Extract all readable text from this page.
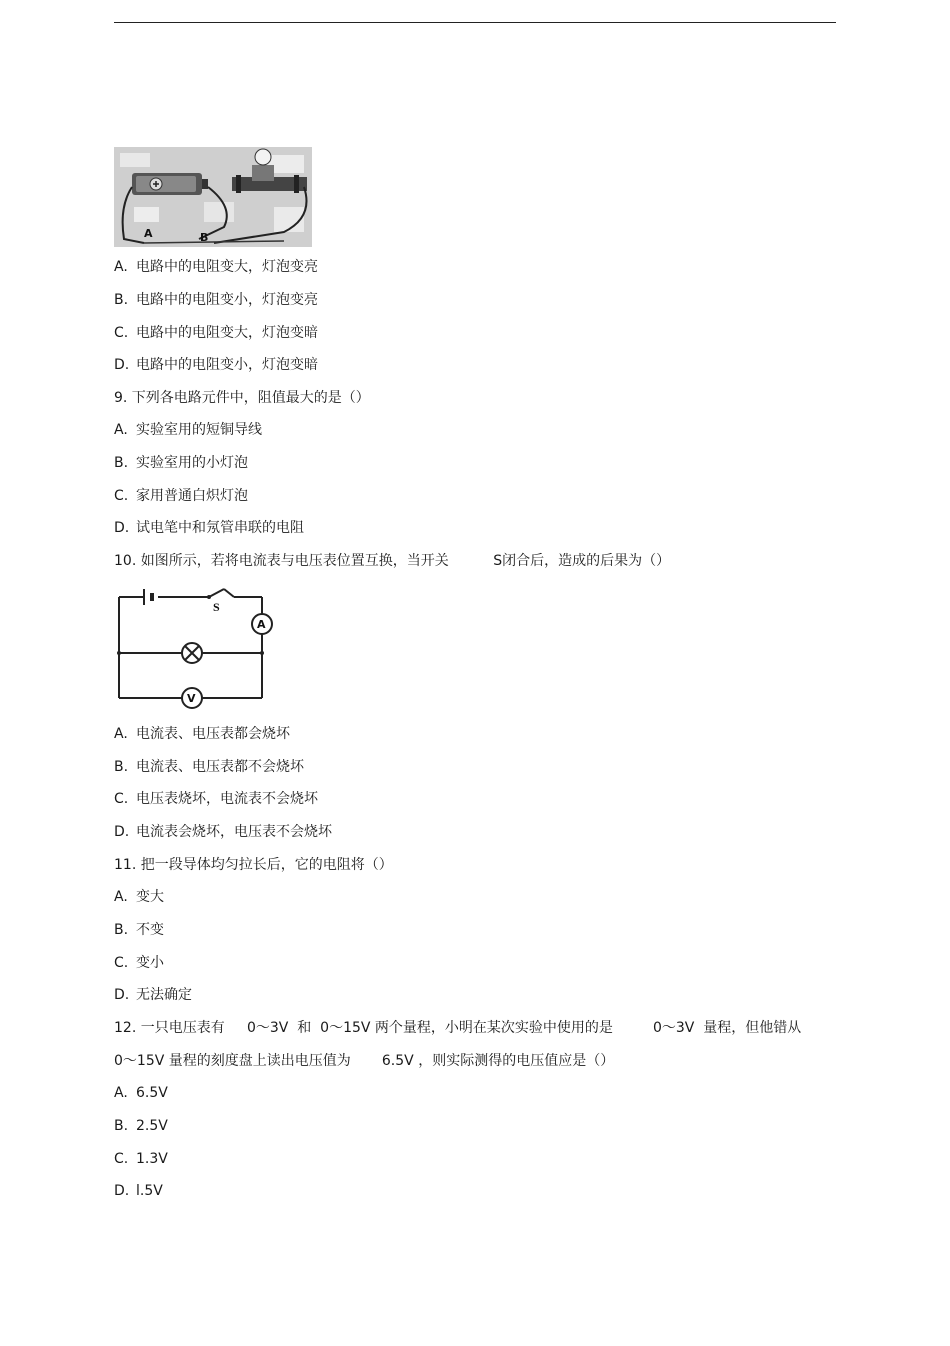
A	B
A. 电路中的电阻变大，灯泡变亮
B. 电路中的电阻变小，灯泡变亮
C. 电路中的电阻变大，灯泡变暗
D. 电路中的电阻变小，灯泡变暗
9. 下列各电路元件中，阻值最大的是（）
A. 实验室用的短铜导线
B. 实验室用的小灯泡
C. 家用普通白炽灯泡
D. 试电笔中和氖管串联的电阻
10. 如图所示，若将电流表与电压表位置互换，当开关          S闭合后，造成的后果为（）
S
A
V
A. 电流表、电压表都会烧坏
B. 电流表、电压表都不会烧坏
C. 电压表烧坏，电流表不会烧坏
D. 电流表会烧坏，电压表不会烧坏
11. 把一段导体均匀拉长后，它的电阻将（）
A. 变大
B. 不变
C. 变小
D. 无法确定
12. 一只电压表有     0～3V  和  0～15V 两个量程，小明在某次实验中使用的是         0～3V  量程，但他错从
0～15V 量程的刻度盘上读出电压值为       6.5V ，则实际测得的电压值应是（）
A. 6.5V
B. 2.5V
C. 1.3V
D. l.5V
